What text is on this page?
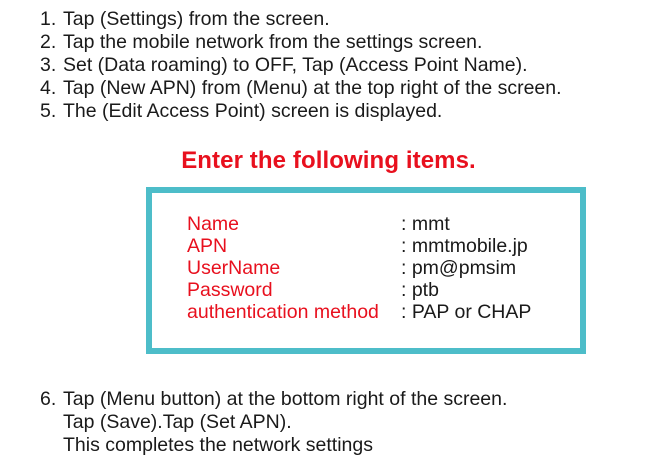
1. Tap (Settings) from the screen.
2. Tap the mobile network from the settings screen.
3. Set (Data roaming) to OFF, Tap (Access Point Name).
4. Tap (New APN) from (Menu) at the top right of the screen.
5. The (Edit Access Point) screen is displayed.
Enter the following items.
Name	: mmt
APN	: mmtmobile.jp
UserName	: pm@pmsim
Password	: ptb
authentication method : PAP or CHAP
6. Tap (Menu button) at the bottom right of the screen.
Tap (Save).Tap (Set APN).
This completes the network settings
